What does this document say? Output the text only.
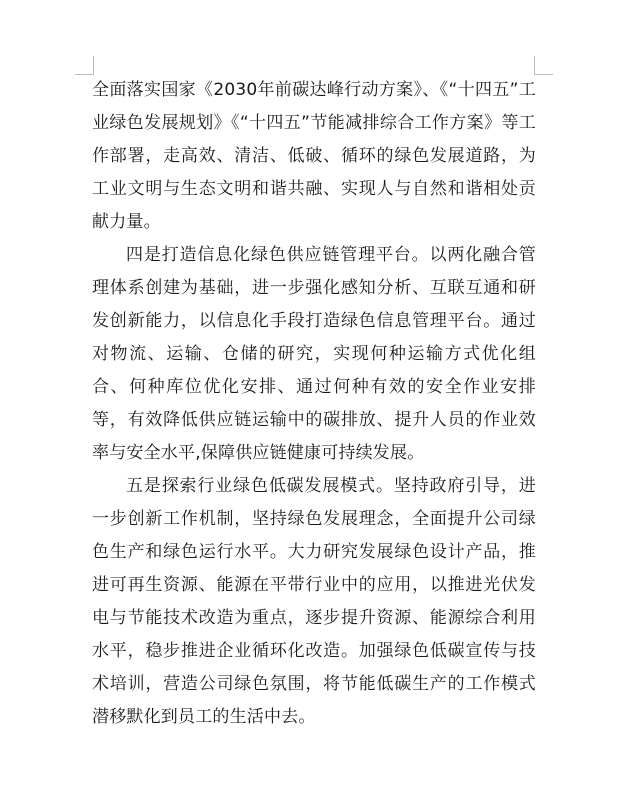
全面落实国家《2030年前碳达峰行动方案》、《“十四五”工业绿色发展规划》《“十四五”节能减排综合工作方案》等工作部署，走高效、清洁、低破、循环的绿色发展道路，为工业文明与生态文明和谐共融、实现人与自然和谐相处贡献力量。

四是打造信息化绿色供应链管理平台。以两化融合管理体系创建为基础，进一步强化感知分析、互联互通和研发创新能力，以信息化手段打造绿色信息管理平台。通过对物流、运输、仓储的研究，实现何种运输方式优化组合、何种库位优化安排、通过何种有效的安全作业安排等，有效降低供应链运输中的碳排放、提升人员的作业效率与安全水平,保障供应链健康可持续发展。

五是探索行业绿色低碳发展模式。坚持政府引导，进一步创新工作机制，坚持绿色发展理念，全面提升公司绿色生产和绿色运行水平。大力研究发展绿色设计产品，推进可再生资源、能源在平带行业中的应用，以推进光伏发电与节能技术改造为重点，逐步提升资源、能源综合利用水平，稳步推进企业循环化改造。加强绿色低碳宣传与技术培训，营造公司绿色氛围，将节能低碳生产的工作模式潜移默化到员工的生活中去。
